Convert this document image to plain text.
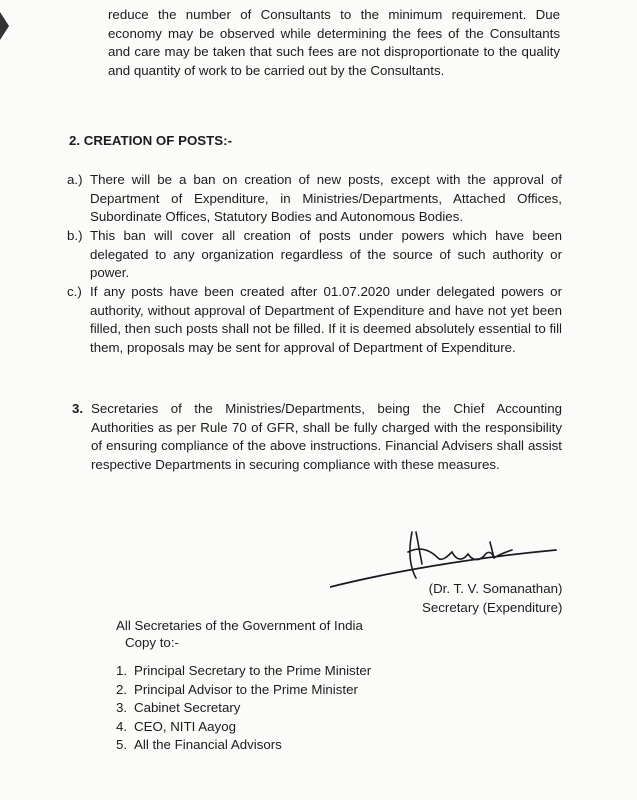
reduce the number of Consultants to the minimum requirement. Due economy may be observed while determining the fees of the Consultants and care may be taken that such fees are not disproportionate to the quality and quantity of work to be carried out by the Consultants.
2. CREATION OF POSTS:-
a.) There will be a ban on creation of new posts, except with the approval of Department of Expenditure, in Ministries/Departments, Attached Offices, Subordinate Offices, Statutory Bodies and Autonomous Bodies.
b.) This ban will cover all creation of posts under powers which have been delegated to any organization regardless of the source of such authority or power.
c.) If any posts have been created after 01.07.2020 under delegated powers or authority, without approval of Department of Expenditure and have not yet been filled, then such posts shall not be filled. If it is deemed absolutely essential to fill them, proposals may be sent for approval of Department of Expenditure.
3. Secretaries of the Ministries/Departments, being the Chief Accounting Authorities as per Rule 70 of GFR, shall be fully charged with the responsibility of ensuring compliance of the above instructions. Financial Advisers shall assist respective Departments in securing compliance with these measures.
(Dr. T. V. Somanathan)
Secretary (Expenditure)
All Secretaries of the Government of India
Copy to:-
1. Principal Secretary to the Prime Minister
2. Principal Advisor to the Prime Minister
3. Cabinet Secretary
4. CEO, NITI Aayog
5. All the Financial Advisors
